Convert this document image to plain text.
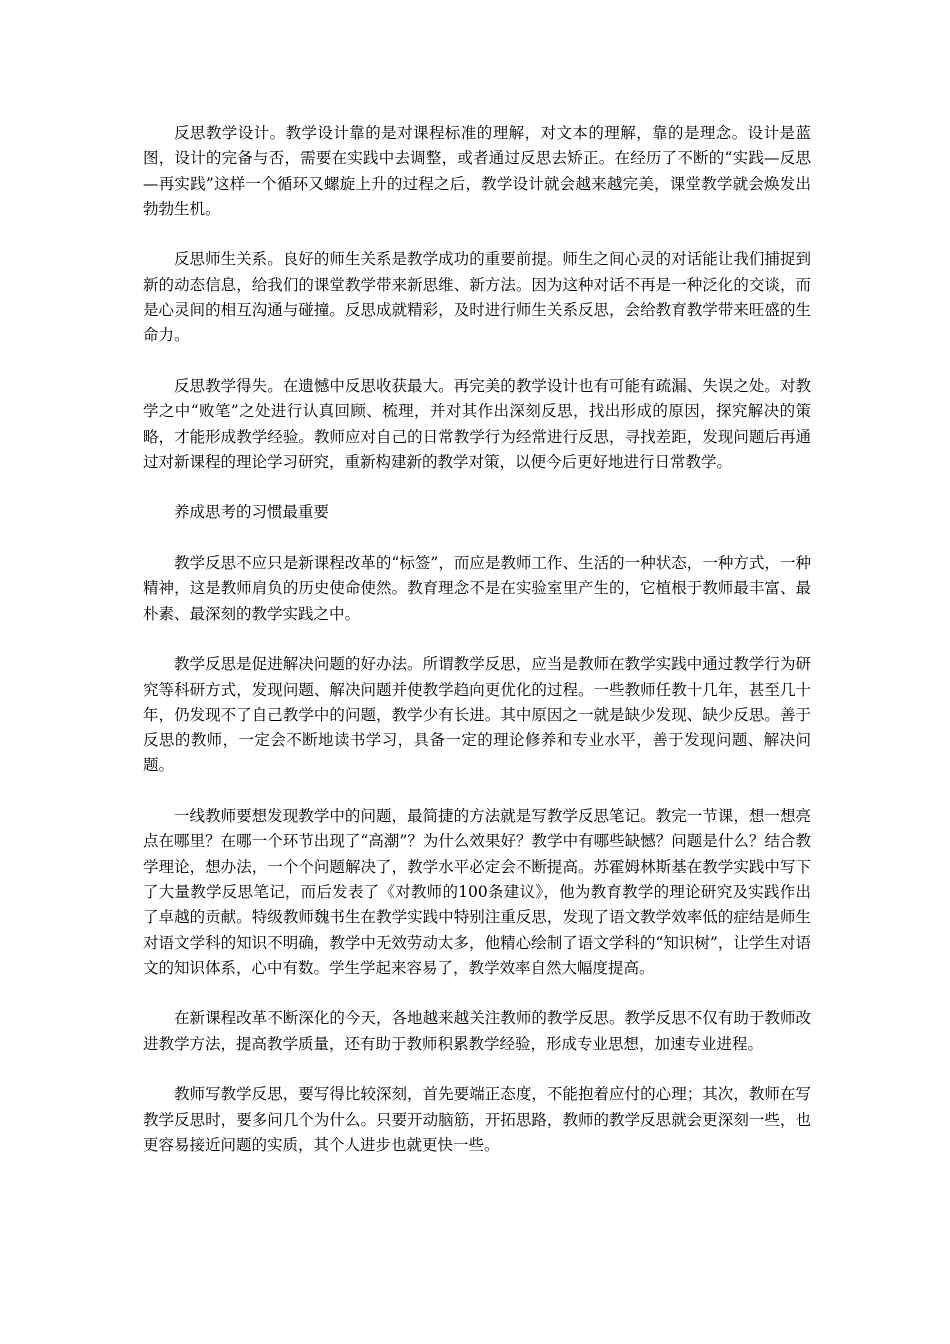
反思教学设计。教学设计靠的是对课程标准的理解，对文本的理解，靠的是理念。设计是蓝图，设计的完备与否，需要在实践中去调整，或者通过反思去矫正。在经历了不断的“实践—反思—再实践”这样一个循环又螺旋上升的过程之后，教学设计就会越来越完美，课堂教学就会焕发出勃勃生机。

反思师生关系。良好的师生关系是教学成功的重要前提。师生之间心灵的对话能让我们捕捉到新的动态信息，给我们的课堂教学带来新思维、新方法。因为这种对话不再是一种泛化的交谈，而是心灵间的相互沟通与碰撞。反思成就精彩，及时进行师生关系反思，会给教育教学带来旺盛的生命力。

反思教学得失。在遗憾中反思收获最大。再完美的教学设计也有可能有疏漏、失误之处。对教学之中“败笔”之处进行认真回顾、梳理，并对其作出深刻反思，找出形成的原因，探究解决的策略，才能形成教学经验。教师应对自己的日常教学行为经常进行反思，寻找差距，发现问题后再通过对新课程的理论学习研究，重新构建新的教学对策，以便今后更好地进行日常教学。

养成思考的习惯最重要

教学反思不应只是新课程改革的“标签”，而应是教师工作、生活的一种状态，一种方式，一种精神，这是教师肩负的历史使命使然。教育理念不是在实验室里产生的，它植根于教师最丰富、最朴素、最深刻的教学实践之中。

教学反思是促进解决问题的好办法。所谓教学反思，应当是教师在教学实践中通过教学行为研究等科研方式，发现问题、解决问题并使教学趋向更优化的过程。一些教师任教十几年，甚至几十年，仍发现不了自己教学中的问题，教学少有长进。其中原因之一就是缺少发现、缺少反思。善于反思的教师，一定会不断地读书学习，具备一定的理论修养和专业水平，善于发现问题、解决问题。

一线教师要想发现教学中的问题，最简捷的方法就是写教学反思笔记。教完一节课，想一想亮点在哪里？在哪一个环节出现了“高潮”？为什么效果好？教学中有哪些缺憾？问题是什么？结合教学理论，想办法，一个个问题解决了，教学水平必定会不断提高。苏霍姆林斯基在教学实践中写下了大量教学反思笔记，而后发表了《对教师的100条建议》，他为教育教学的理论研究及实践作出了卓越的贡献。特级教师魏书生在教学实践中特别注重反思，发现了语文教学效率低的症结是师生对语文学科的知识不明确，教学中无效劳动太多，他精心绘制了语文学科的“知识树”，让学生对语文的知识体系，心中有数。学生学起来容易了，教学效率自然大幅度提高。

在新课程改革不断深化的今天，各地越来越关注教师的教学反思。教学反思不仅有助于教师改进教学方法，提高教学质量，还有助于教师积累教学经验，形成专业思想，加速专业进程。

教师写教学反思，要写得比较深刻，首先要端正态度，不能抱着应付的心理；其次，教师在写教学反思时，要多问几个为什么。只要开动脑筋，开拓思路，教师的教学反思就会更深刻一些，也更容易接近问题的实质，其个人进步也就更快一些。
